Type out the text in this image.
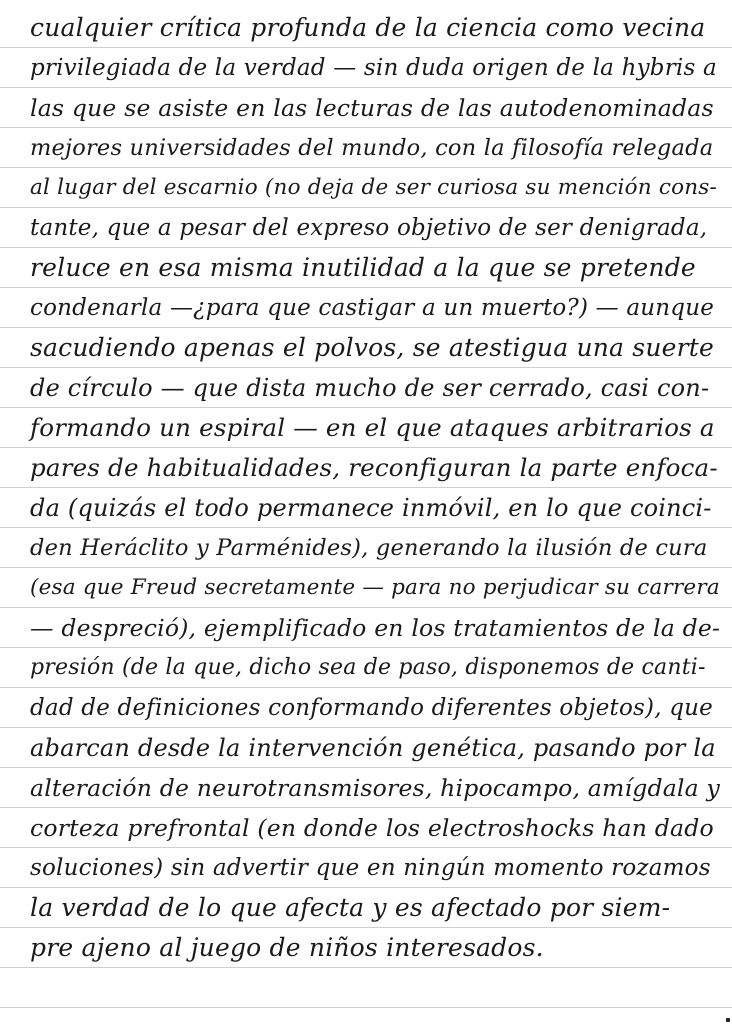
cualquier crítica profunda de la ciencia como vecina
privilegiada de la verdad — sin duda origen de la hybris a
las que se asiste en las lecturas de las autodenominadas
mejores universidades del mundo, con la filosofía relegada
al lugar del escarnio (no deja de ser curiosa su mención cons-
tante, que a pesar del expreso objetivo de ser denigrada,
reluce en esa misma inutilidad a la que se pretende
condenarla —¿para que castigar a un muerto?) — aunque
sacudiendo apenas el polvos, se atestigua una suerte
de círculo — que dista mucho de ser cerrado, casi con-
formando un espiral — en el que ataques arbitrarios a
pares de habitualidades, reconfiguran la parte enfoca-
da (quizás el todo permanece inmóvil, en lo que coinci-
den Heráclito y Parménides), generando la ilusión de cura
(esa que Freud secretamente — para no perjudicar su carrera
— despreció), ejemplificado en los tratamientos de la de-
presión (de la que, dicho sea de paso, disponemos de canti-
dad de definiciones conformando diferentes objetos), que
abarcan desde la intervención genética, pasando por la
alteración de neurotransmisores, hipocampo, amígdala y
corteza prefrontal (en donde los electroshocks han dado
soluciones) sin advertir que en ningún momento rozamos
la verdad de lo que afecta y es afectado por siem-
pre ajeno al juego de niños interesados.
